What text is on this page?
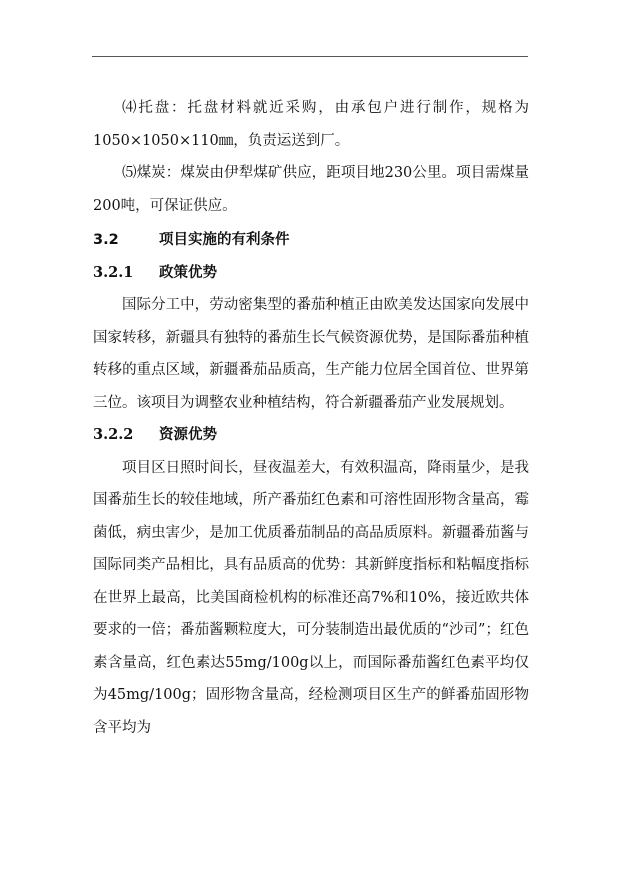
⑷托盘：托盘材料就近采购，由承包户进行制作，规格为1050×1050×110㎜，负责运送到厂。

⑸煤炭：煤炭由伊犁煤矿供应，距项目地230公里。项目需煤量200吨，可保证供应。

3.2	项目实施的有利条件
3.2.1	政策优势

国际分工中，劳动密集型的番茄种植正由欧美发达国家向发展中国家转移，新疆具有独特的番茄生长气候资源优势，是国际番茄种植转移的重点区域，新疆番茄品质高，生产能力位居全国首位、世界第三位。该项目为调整农业种植结构，符合新疆番茄产业发展规划。

3.2.2	资源优势

项目区日照时间长，昼夜温差大，有效积温高，降雨量少，是我国番茄生长的较佳地域，所产番茄红色素和可溶性固形物含量高，霉菌低，病虫害少，是加工优质番茄制品的高品质原料。新疆番茄酱与国际同类产品相比，具有品质高的优势：其新鲜度指标和粘幅度指标在世界上最高，比美国商检机构的标准还高7%和10%，接近欧共体要求的一倍；番茄酱颗粒度大，可分装制造出最优质的“沙司”；红色素含量高，红色素达55mg/100g以上，而国际番茄酱红色素平均仅为45mg/100g；固形物含量高，经检测项目区生产的鲜番茄固形物含平均为
